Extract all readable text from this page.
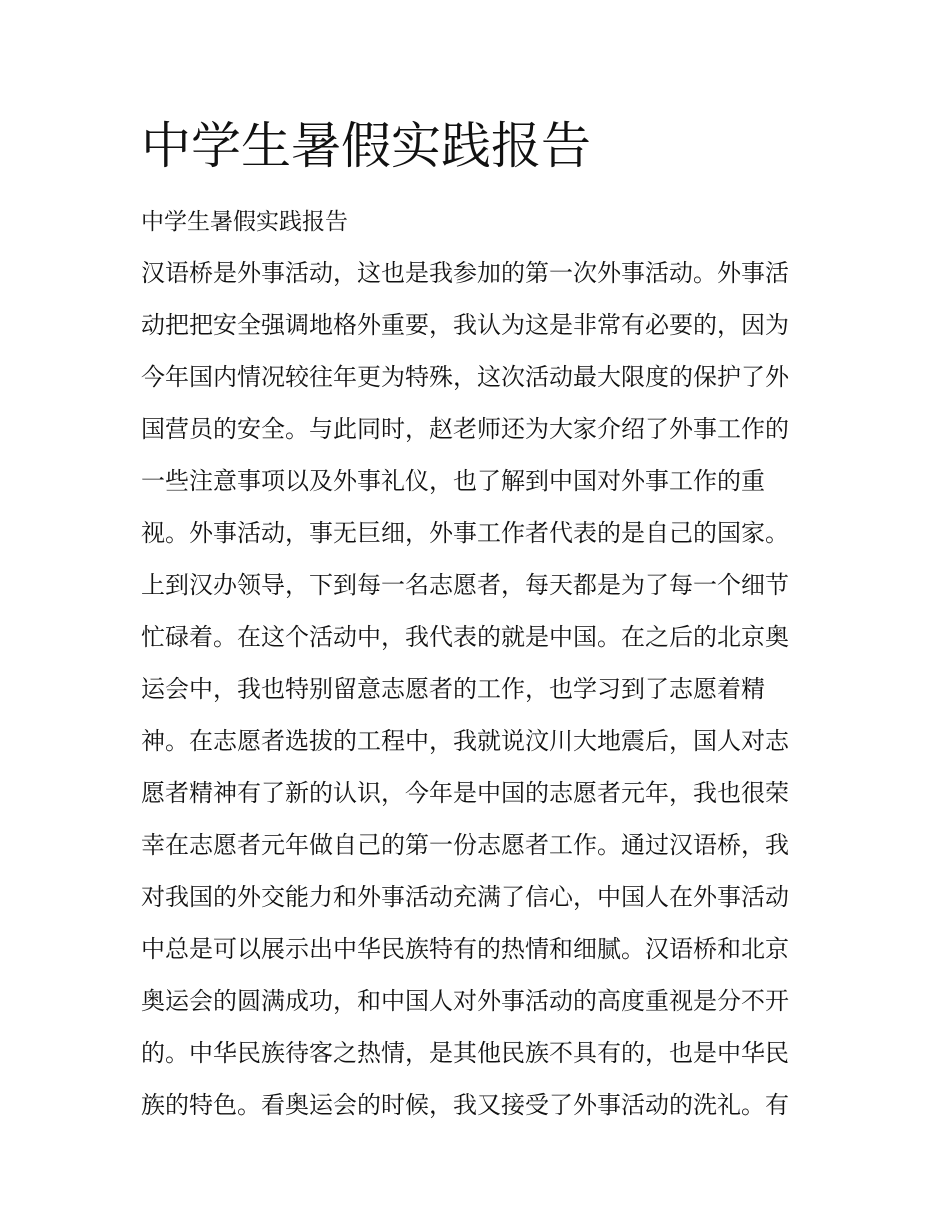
中学生暑假实践报告

中学生暑假实践报告

汉语桥是外事活动，这也是我参加的第一次外事活动。外事活
动把把安全强调地格外重要，我认为这是非常有必要的，因为
今年国内情况较往年更为特殊，这次活动最大限度的保护了外
国营员的安全。与此同时，赵老师还为大家介绍了外事工作的
一些注意事项以及外事礼仪，也了解到中国对外事工作的重
视。外事活动，事无巨细，外事工作者代表的是自己的国家。
上到汉办领导，下到每一名志愿者，每天都是为了每一个细节
忙碌着。在这个活动中，我代表的就是中国。在之后的北京奥
运会中，我也特别留意志愿者的工作，也学习到了志愿着精
神。在志愿者选拔的工程中，我就说汶川大地震后，国人对志
愿者精神有了新的认识，今年是中国的志愿者元年，我也很荣
幸在志愿者元年做自己的第一份志愿者工作。通过汉语桥，我
对我国的外交能力和外事活动充满了信心，中国人在外事活动
中总是可以展示出中华民族特有的热情和细腻。汉语桥和北京
奥运会的圆满成功，和中国人对外事活动的高度重视是分不开
的。中华民族待客之热情，是其他民族不具有的，也是中华民
族的特色。看奥运会的时候，我又接受了外事活动的洗礼。有
